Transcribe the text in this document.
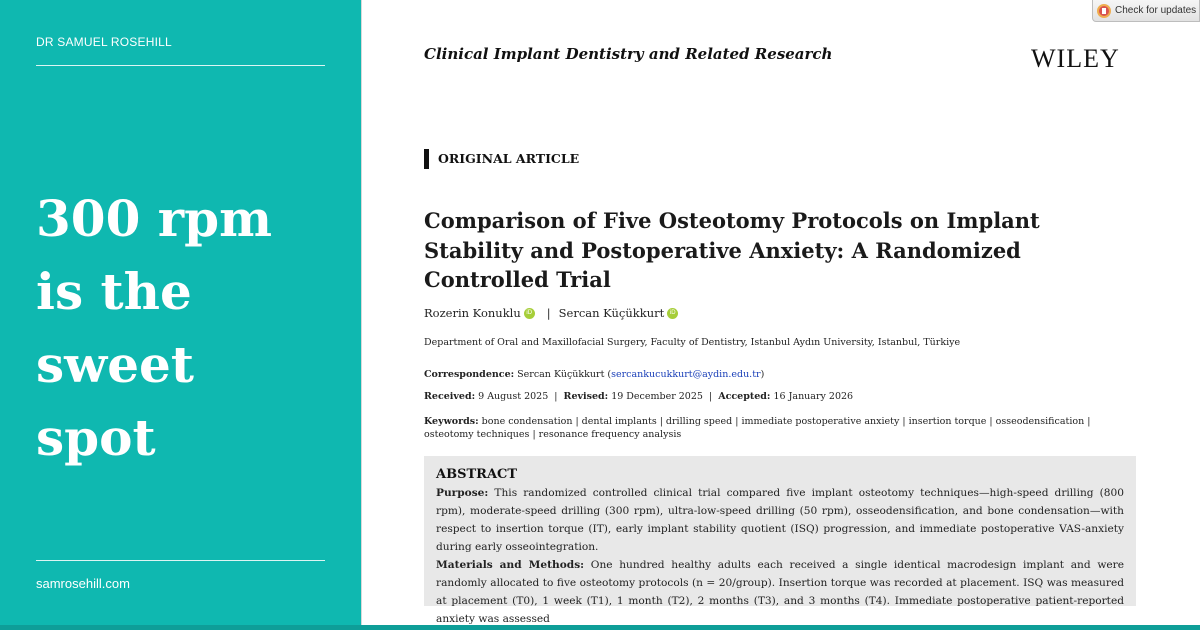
DR SAMUEL ROSEHILL
300 rpm
is the
sweet
spot
samrosehill.com
Check for updates
Clinical Implant Dentistry and Related Research	WILEY
ORIGINAL ARTICLE
Comparison of Five Osteotomy Protocols on Implant Stability and Postoperative Anxiety: A Randomized Controlled Trial
Rozerin Konuklu iD | Sercan Küçükkurt iD
Department of Oral and Maxillofacial Surgery, Faculty of Dentistry, Istanbul Aydın University, Istanbul, Türkiye
Correspondence: Sercan Küçükkurt (sercankucukkurt@aydin.edu.tr)
Received: 9 August 2025  |  Revised: 19 December 2025  |  Accepted: 16 January 2026
Keywords: bone condensation | dental implants | drilling speed | immediate postoperative anxiety | insertion torque | osseodensification |
osteotomy techniques | resonance frequency analysis
ABSTRACT
Purpose: This randomized controlled clinical trial compared five implant osteotomy techniques—high-speed drilling (800 rpm), moderate-speed drilling (300 rpm), ultra-low-speed drilling (50 rpm), osseodensification, and bone condensation—with respect to insertion torque (IT), early implant stability quotient (ISQ) progression, and immediate postoperative VAS-anxiety during early osseointegration.
Materials and Methods: One hundred healthy adults each received a single identical macrodesign implant and were randomly allocated to five osteotomy protocols (n = 20/group). Insertion torque was recorded at placement. ISQ was measured at placement (T0), 1 week (T1), 1 month (T2), 2 months (T3), and 3 months (T4). Immediate postoperative patient-reported anxiety was assessed
